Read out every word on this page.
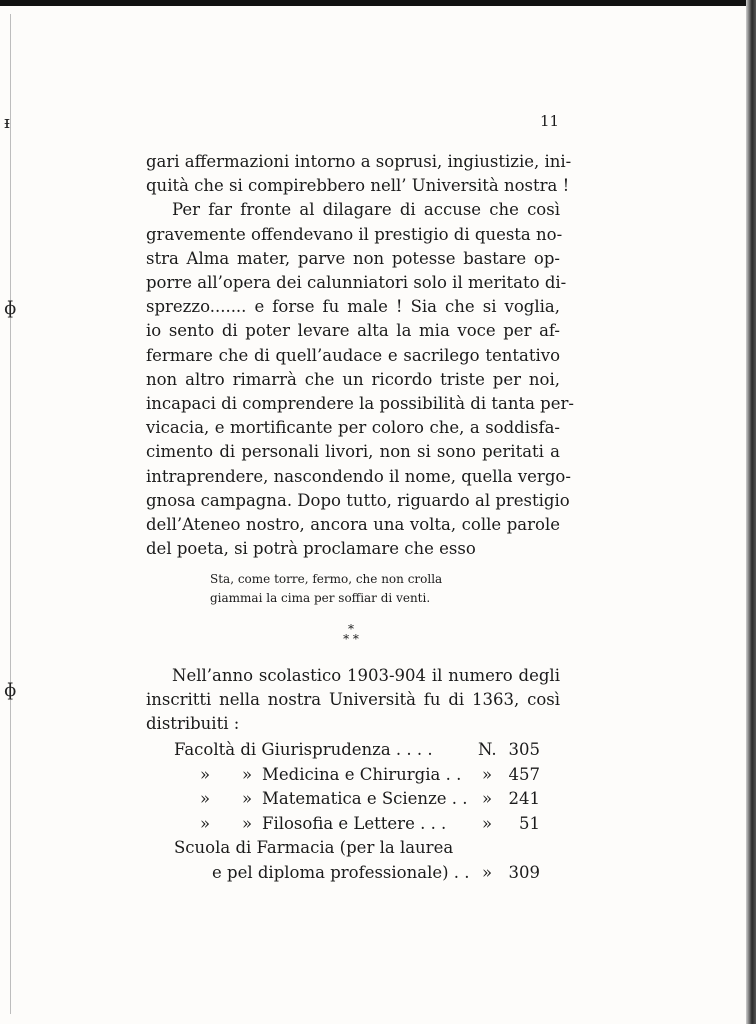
ᵻ
ɸ
ɸ
11
gari affermazioni intorno a soprusi, ingiustizie, ini-
quità che si compirebbero nell’ Università nostra !
Per far fronte al dilagare di accuse che così
gravemente offendevano il prestigio di questa no-
stra Alma mater, parve non potesse bastare op-
porre all’opera dei calunniatori solo il meritato di-
sprezzo....... e forse fu male ! Sia che si voglia,
io sento di poter levare alta la mia voce per af-
fermare che di quell’audace e sacrilego tentativo
non altro rimarrà che un ricordo triste per noi,
incapaci di comprendere la possibilità di tanta per-
vicacia, e mortificante per coloro che, a soddisfa-
cimento di personali livori, non si sono peritati a
intraprendere, nascondendo il nome, quella vergo-
gnosa campagna. Dopo tutto, riguardo al prestigio
dell’Ateneo nostro, ancora una volta, colle parole
del poeta, si potrà proclamare che esso
Sta, come torre, fermo, che non crolla
giammai la cima per soffiar di venti.
*
* *
Nell’anno scolastico 1903-904 il numero degli
inscritti nella nostra Università fu di 1363, così
distribuiti :
Facoltà di Giurisprudenza . . . .	N. 305
» » Medicina e Chirurgia . . » 457
» » Matematica e Scienze . . » 241
» » Filosofia e Lettere . . . » 51
Scuola di Farmacia (per la laurea
e pel diploma professionale) . . » 309
